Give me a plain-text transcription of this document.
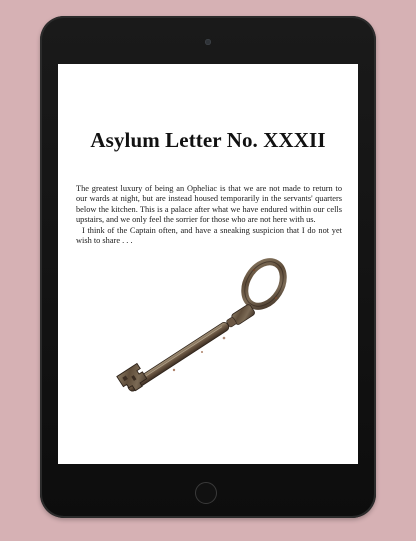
Asylum Letter No. XXXII

The greatest luxury of being an Opheliac is that we are not made to return to our wards at night, but are instead housed temporarily in the servants' quarters below the kitchen. This is a palace after what we have endured within our cells upstairs, and we only feel the sorrier for those who are not here with us.

I think of the Captain often, and have a sneaking suspicion that I do not yet wish to share . . .
